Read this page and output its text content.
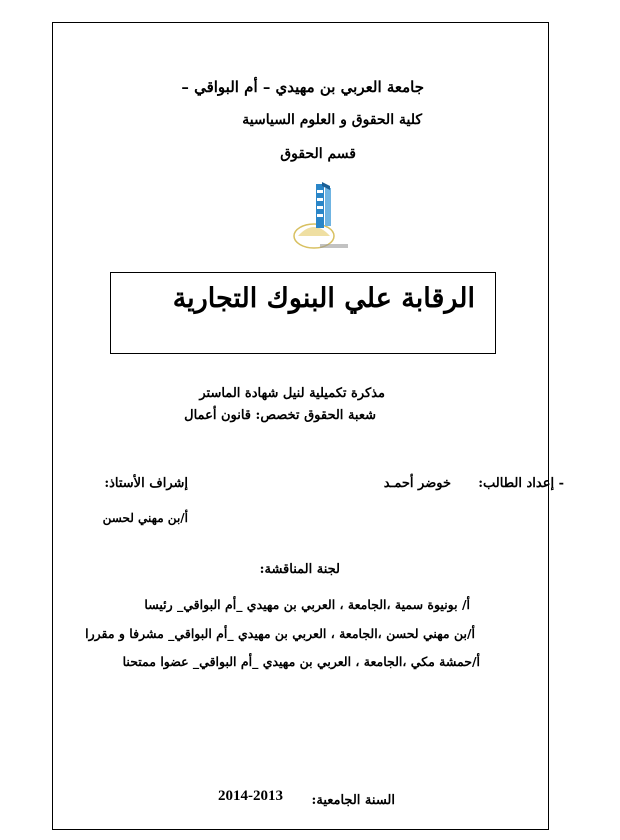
جامعة العربي بن مهيدي – أم البواقي –
كلية الحقوق و العلوم السياسية
قسم الحقوق
الرقابة علي البنوك التجارية
مذكرة تكميلية لنيل شهادة الماستر
شعبة الحقوق تخصص: قانون أعمال
- إعداد الطالب:
خوضر أحمـد
إشراف الأستاذ:
أ/بن مهني لحسن
لجنة المناقشة:
أ/ بونيوة سمية ،الجامعة ، العربي بن مهيدي _أم البواقي_ رئيسا
أ/بن مهني لحسن ،الجامعة ، العربي بن مهيدي _أم البواقي_ مشرفا و مقررا
أ/حمشة مكي ،الجامعة ، العربي بن مهيدي _أم البواقي_ عضوا ممتحنا
السنة الجامعية:
2014-2013
